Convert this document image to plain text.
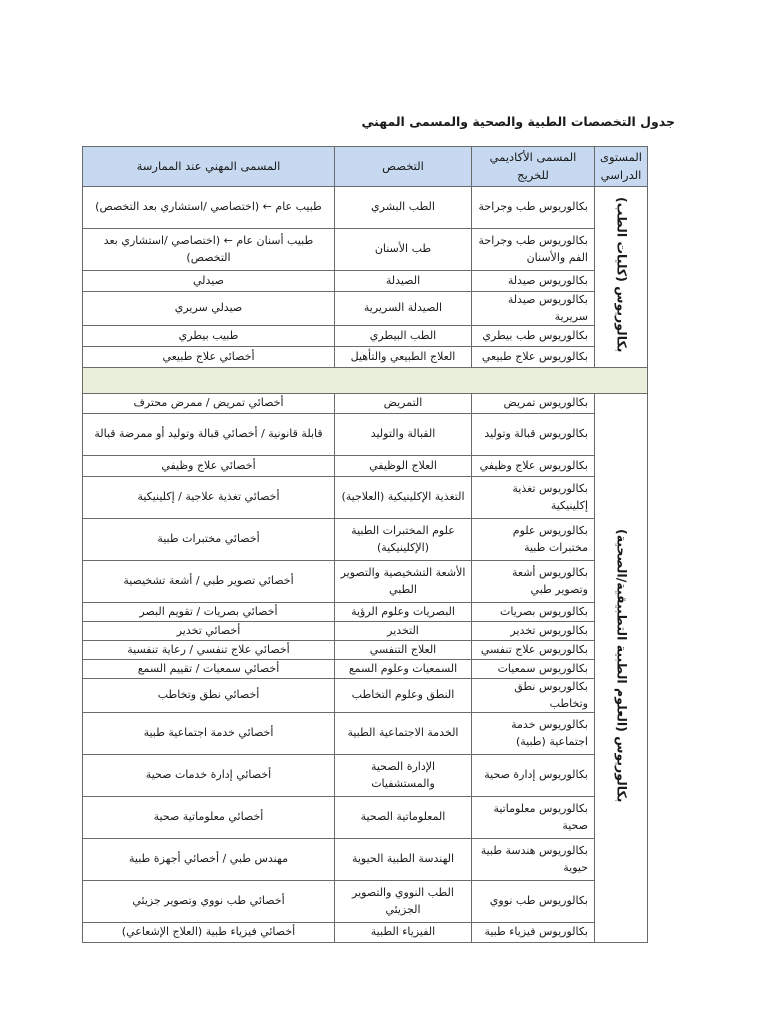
جدول التخصصات الطبية والصحية والمسمى المهني
المستوى الدراسي	المسمى الأكاديمي للخريج	التخصص	المسمى المهني عند الممارسة
بكالوريوس (كليات الطب)	بكالوريوس طب وجراحة	الطب البشري	طبيب عام ← (اختصاصي /استشاري بعد التخصص)
	بكالوريوس طب وجراحة الفم والأسنان	طب الأسنان	طبيب أسنان عام ← (اختصاصي /استشاري بعد التخصص)
	بكالوريوس صيدلة	الصيدلة	صيدلي
	بكالوريوس صيدلة سريرية	الصيدلة السريرية	صيدلي سريري
	بكالوريوس طب بيطري	الطب البيطري	طبيب بيطري
	بكالوريوس علاج طبيعي	العلاج الطبيعي والتأهيل	أخصائي علاج طبيعي

بكالوريوس (العلوم الطبية التطبيقية/الصحية)	بكالوريوس تمريض	التمريض	أخصائي تمريض / ممرض محترف
	بكالوريوس قبالة وتوليد	القبالة والتوليد	قابلة قانونية / أخصائي قبالة وتوليد أو ممرضة قبالة
	بكالوريوس علاج وظيفي	العلاج الوظيفي	أخصائي علاج وظيفي
	بكالوريوس تغذية إكلينيكية	التغذية الإكلينيكية (العلاجية)	أخصائي تغذية علاجية / إكلينيكية
	بكالوريوس علوم مختبرات طبية	علوم المختبرات الطبية (الإكلينيكية)	أخصائي مختبرات طبية
	بكالوريوس أشعة وتصوير طبي	الأشعة التشخيصية والتصوير الطبي	أخصائي تصوير طبي / أشعة تشخيصية
	بكالوريوس بصريات	البصريات وعلوم الرؤية	أخصائي بصريات / تقويم البصر
	بكالوريوس تخدير	التخدير	أخصائي تخدير
	بكالوريوس علاج تنفسي	العلاج التنفسي	أخصائي علاج تنفسي / رعاية تنفسية
	بكالوريوس سمعيات	السمعيات وعلوم السمع	أخصائي سمعيات / تقييم السمع
	بكالوريوس نطق وتخاطب	النطق وعلوم التخاطب	أخصائي نطق وتخاطب
	بكالوريوس خدمة اجتماعية (طبية)	الخدمة الاجتماعية الطبية	أخصائي خدمة اجتماعية طبية
	بكالوريوس إدارة صحية	الإدارة الصحية والمستشفيات	أخصائي إدارة خدمات صحية
	بكالوريوس معلوماتية صحية	المعلوماتية الصحية	أخصائي معلوماتية صحية
	بكالوريوس هندسة طبية حيوية	الهندسة الطبية الحيوية	مهندس طبي / أخصائي أجهزة طبية
	بكالوريوس طب نووي	الطب النووي والتصوير الجزيئي	أخصائي طب نووي وتصوير جزيئي
	بكالوريوس فيزياء طبية	الفيزياء الطبية	أخصائي فيزياء طبية (العلاج الإشعاعي)
